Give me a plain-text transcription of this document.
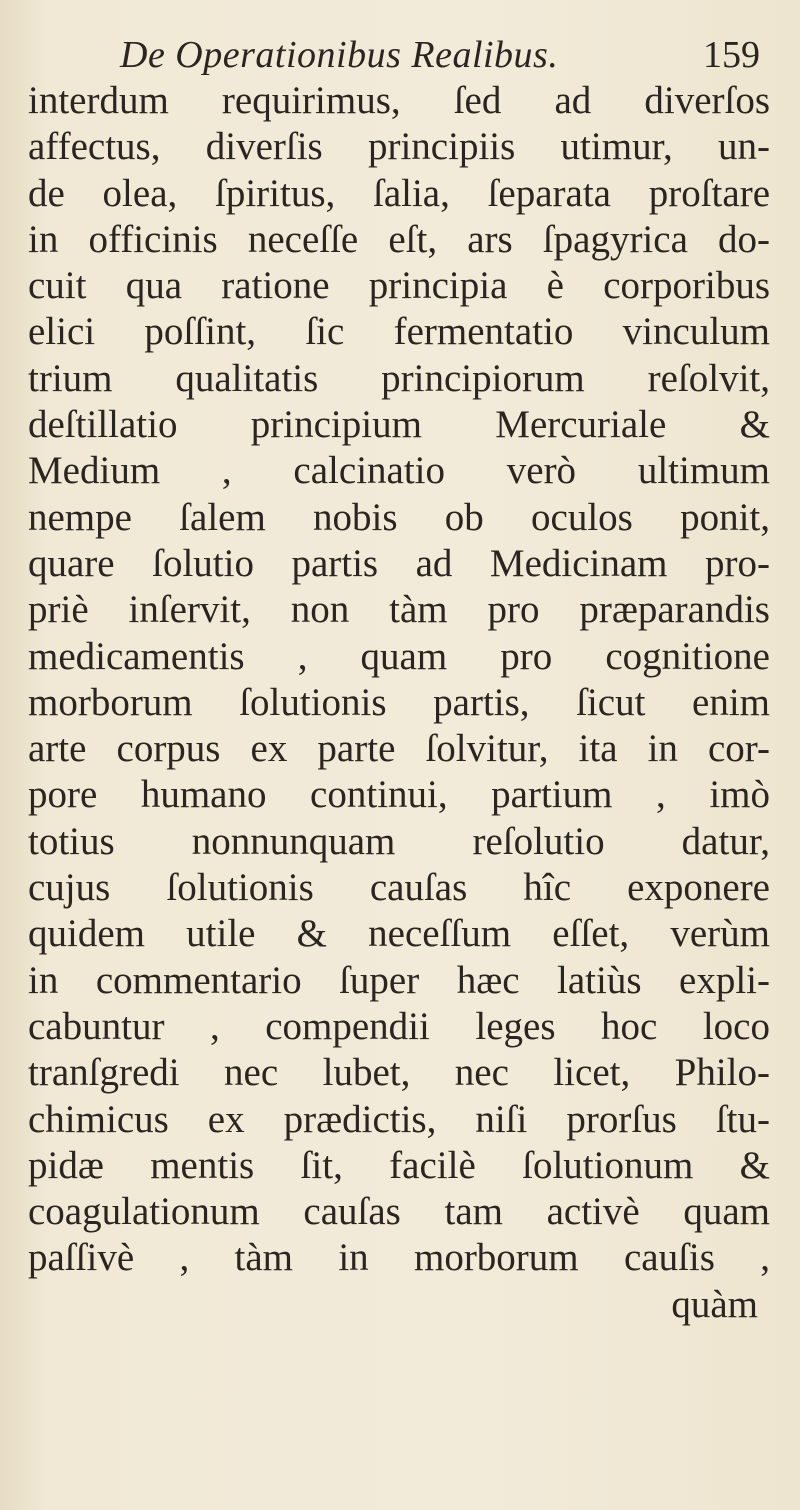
De Operationibus Realibus.	159
interdum requirimus, ſed ad diverſos
affectus, diverſis principiis utimur, un-
de olea, ſpiritus, ſalia, ſeparata proſtare
in officinis neceſſe eſt, ars ſpagyrica do-
cuit qua ratione principia è corporibus
elici poſſint, ſic fermentatio vinculum
trium qualitatis principiorum reſolvit,
deſtillatio principium Mercuriale &
Medium , calcinatio verò ultimum
nempe ſalem nobis ob oculos ponit,
quare ſolutio partis ad Medicinam pro-
priè inſervit, non tàm pro præparandis
medicamentis , quam pro cognitione
morborum ſolutionis partis, ſicut enim
arte corpus ex parte ſolvitur, ita in cor-
pore humano continui, partium , imò
totius nonnunquam reſolutio datur,
cujus ſolutionis cauſas hîc exponere
quidem utile & neceſſum eſſet, verùm
in commentario ſuper hæc latiùs expli-
cabuntur , compendii leges hoc loco
tranſgredi nec lubet, nec licet, Philo-
chimicus ex prædictis, niſi prorſus ſtu-
pidæ mentis ſit, facilè ſolutionum &
coagulationum cauſas tam activè quam
paſſivè , tàm in morborum cauſis ,
quàm
